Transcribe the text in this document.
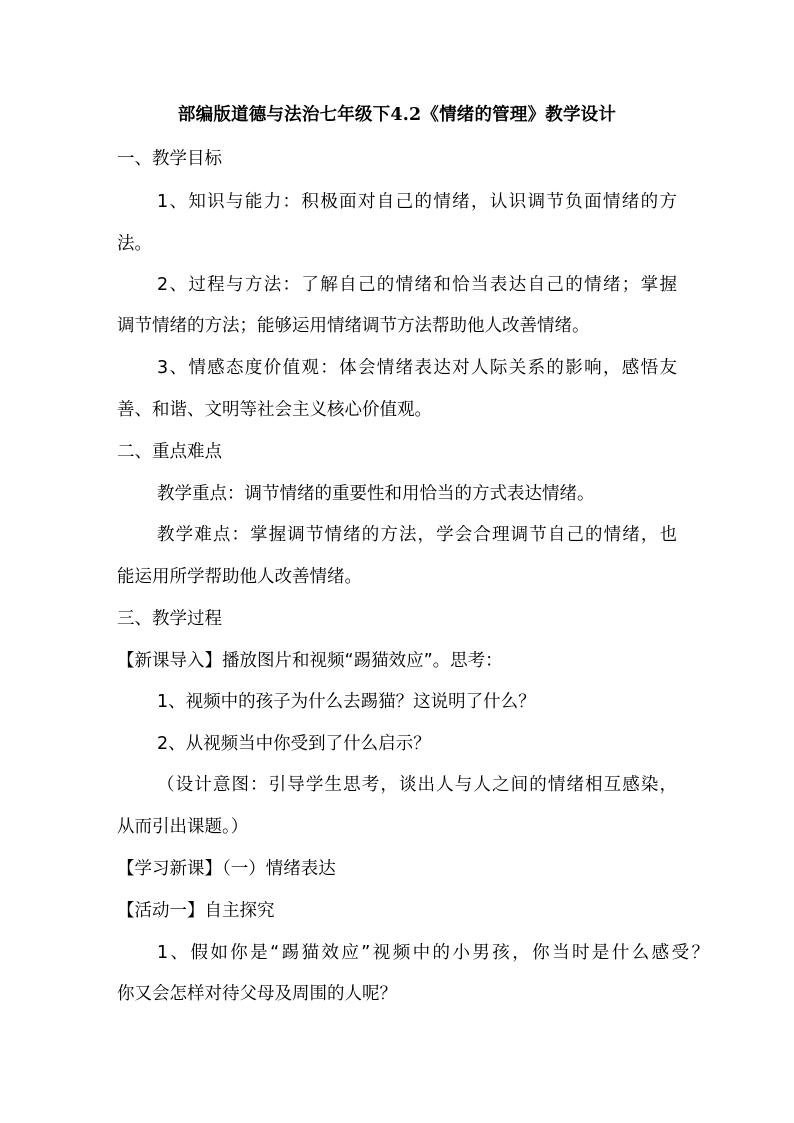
部编版道德与法治七年级下4.2《情绪的管理》教学设计
一、教学目标
1、知识与能力：积极面对自己的情绪，认识调节负面情绪的方
法。
2、过程与方法：了解自己的情绪和恰当表达自己的情绪；掌握
调节情绪的方法；能够运用情绪调节方法帮助他人改善情绪。
3、情感态度价值观：体会情绪表达对人际关系的影响，感悟友
善、和谐、文明等社会主义核心价值观。
二、重点难点
教学重点：调节情绪的重要性和用恰当的方式表达情绪。
教学难点：掌握调节情绪的方法，学会合理调节自己的情绪，也
能运用所学帮助他人改善情绪。
三、教学过程
【新课导入】播放图片和视频“踢猫效应”。思考：
1、视频中的孩子为什么去踢猫？这说明了什么？
2、从视频当中你受到了什么启示？
（设计意图：引导学生思考，谈出人与人之间的情绪相互感染，
从而引出课题。）
【学习新课】（一）情绪表达
【活动一】自主探究
1、假如你是“踢猫效应”视频中的小男孩，你当时是什么感受？
你又会怎样对待父母及周围的人呢？
